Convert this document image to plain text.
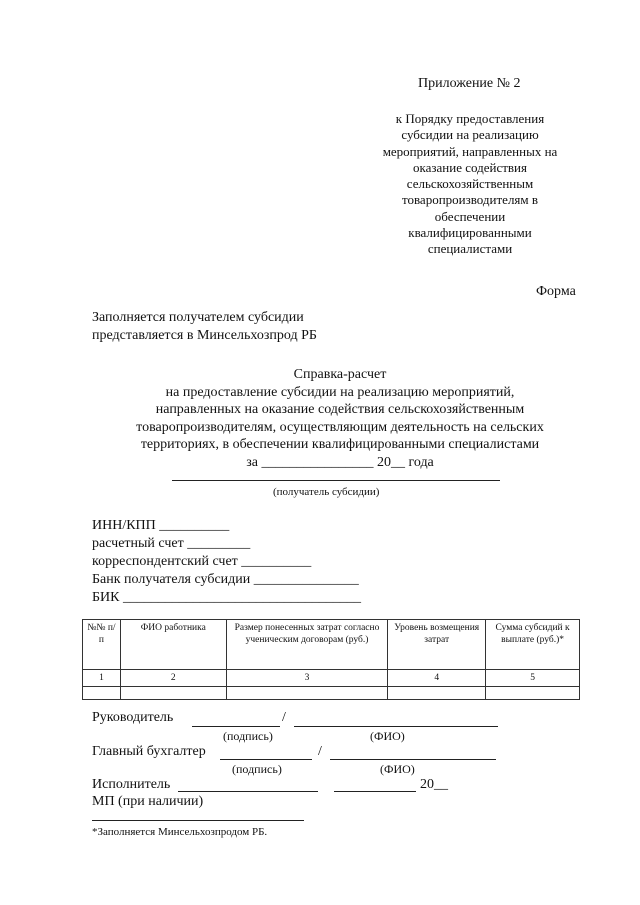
Приложение № 2
к Порядку предоставления
субсидии на реализацию
мероприятий, направленных на
оказание содействия
сельскохозяйственным
товаропроизводителям в
обеспечении
квалифицированными
специалистами
Форма
Заполняется получателем субсидии
представляется в Минсельхозпрод РБ
Справка-расчет
на предоставление субсидии на реализацию мероприятий,
направленных на оказание содействия сельскохозяйственным
товаропроизводителям, осуществляющим деятельность на сельских
территориях, в обеспечении квалифицированными специалистами
за ________________ 20__ года
(получатель субсидии)
ИНН/КПП __________
расчетный счет _________
корреспондентский счет __________
Банк получателя субсидии _______________
БИК __________________________________
№№ п/п	ФИО работника	Размер понесенных затрат согласно ученическим договорам (руб.)	Уровень возмещения затрат	Сумма субсидий к выплате (руб.)*
1	2	3	4	5

Руководитель	/
(подпись)	(ФИО)
Главный бухгалтер	/
(подпись)	(ФИО)
Исполнитель	20__
МП (при наличии)
*Заполняется Минсельхозпродом РБ.
